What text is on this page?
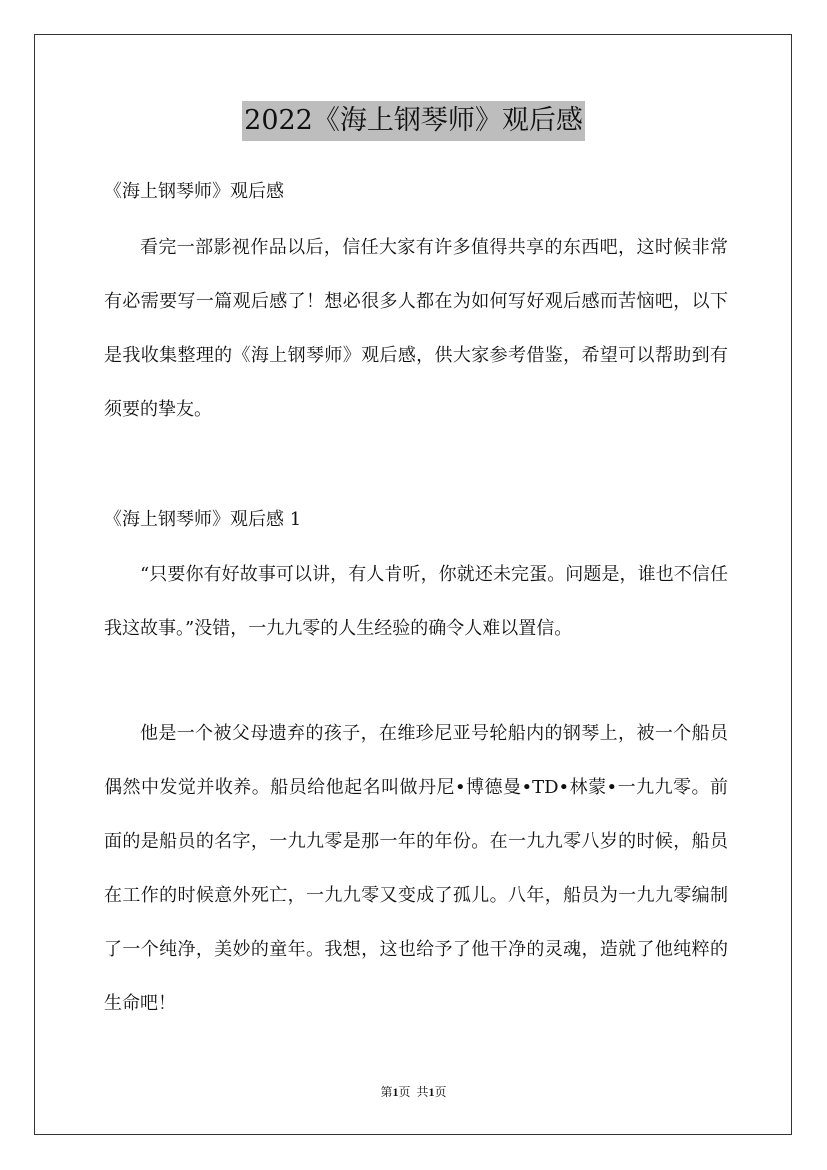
2022《海上钢琴师》观后感
《海上钢琴师》观后感

看完一部影视作品以后，信任大家有许多值得共享的东西吧，这时候非常有必需要写一篇观后感了！想必很多人都在为如何写好观后感而苦恼吧，以下是我收集整理的《海上钢琴师》观后感，供大家参考借鉴，希望可以帮助到有须要的挚友。

《海上钢琴师》观后感 1

“只要你有好故事可以讲，有人肯听，你就还未完蛋。问题是，谁也不信任我这故事。”没错，一九九零的人生经验的确令人难以置信。

他是一个被父母遗弃的孩子，在维珍尼亚号轮船内的钢琴上，被一个船员偶然中发觉并收养。船员给他起名叫做丹尼•博德曼•TD•林蒙•一九九零。前面的是船员的名字，一九九零是那一年的年份。在一九九零八岁的时候，船员在工作的时候意外死亡，一九九零又变成了孤儿。八年，船员为一九九零编制了一个纯净，美妙的童年。我想，这也给予了他干净的灵魂，造就了他纯粹的生命吧！

第1页  共1页
